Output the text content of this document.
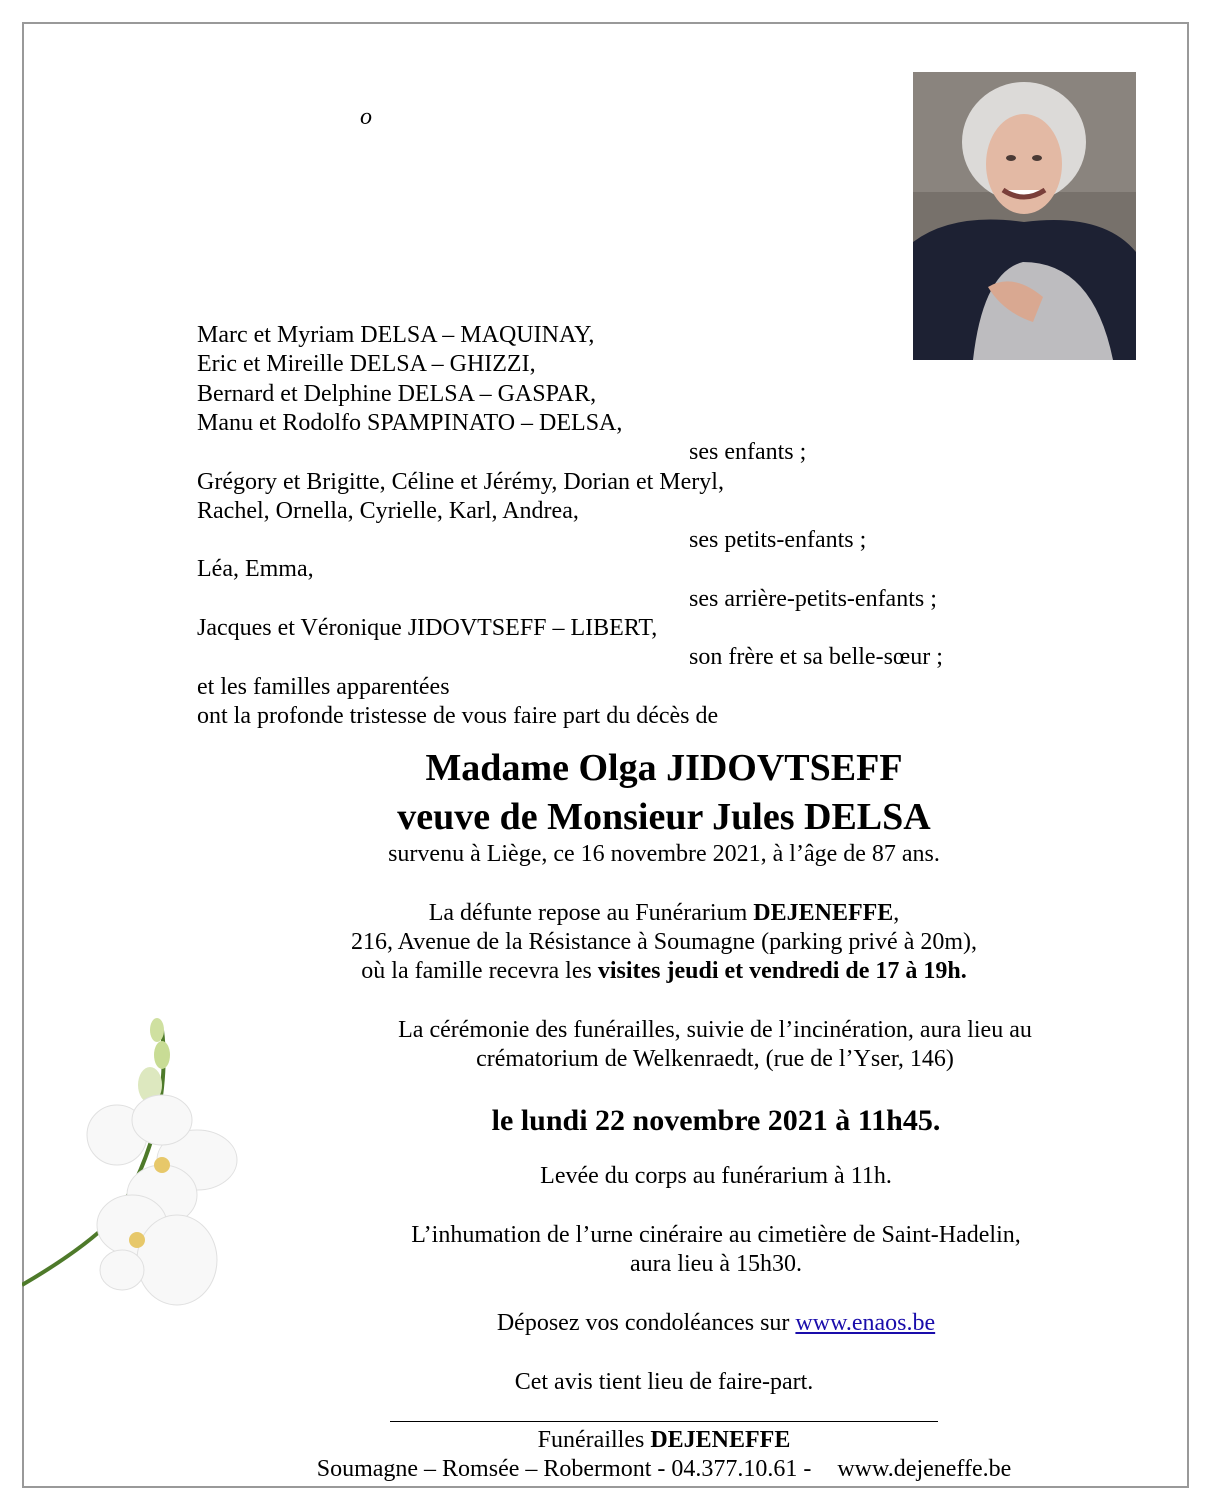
o
Marc et Myriam DELSA – MAQUINAY,
Eric et Mireille DELSA – GHIZZI,
Bernard et Delphine DELSA – GASPAR,
Manu et Rodolfo SPAMPINATO – DELSA,
ses enfants ;
Grégory et Brigitte, Céline et Jérémy, Dorian et Meryl,
Rachel, Ornella, Cyrielle, Karl, Andrea,
ses petits-enfants ;
Léa, Emma,
ses arrière-petits-enfants ;
Jacques et Véronique JIDOVTSEFF – LIBERT,
son frère et sa belle-sœur ;
et les familles apparentées
ont la profonde tristesse de vous faire part du décès de
Madame Olga JIDOVTSEFF
veuve de Monsieur Jules DELSA
survenu à Liège, ce 16 novembre 2021, à l’âge de 87 ans.
La défunte repose au Funérarium DEJENEFFE,
216, Avenue de la Résistance à Soumagne (parking privé à 20m),
où la famille recevra les visites jeudi et vendredi de 17 à 19h.
La cérémonie des funérailles, suivie de l’incinération, aura lieu au
crématorium de Welkenraedt, (rue de l’Yser, 146)
le lundi 22 novembre 2021 à 11h45.
Levée du corps au funérarium à 11h.
L’inhumation de l’urne cinéraire au cimetière de Saint-Hadelin,
aura lieu à 15h30.
Déposez vos condoléances sur www.enaos.be
Cet avis tient lieu de faire-part.
Funérailles DEJENEFFE
Soumagne – Romsée – Robermont - 04.377.10.61 - www.dejeneffe.be
